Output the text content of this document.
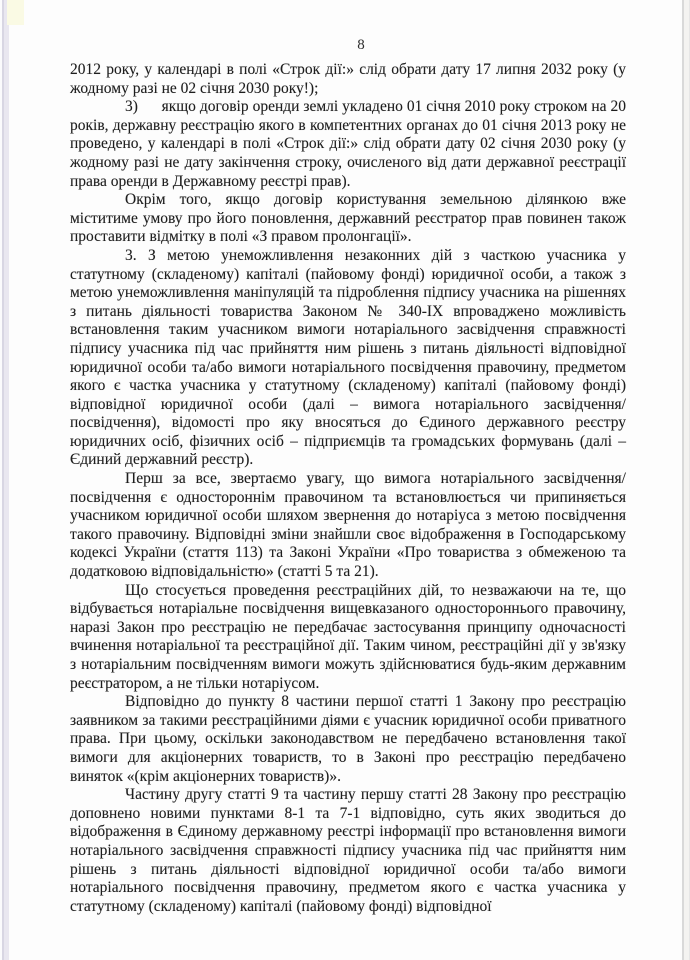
8

2012 року, у календарі в полі «Строк дії:» слід обрати дату 17 липня 2032 року (у жодному разі не 02 січня 2030 року!);

3)      якщо договір оренди землі укладено 01 січня 2010 року строком на 20 років, державну реєстрацію якого в компетентних органах до 01 січня 2013 року не проведено, у календарі в полі «Строк дії:» слід обрати дату 02 січня 2030 року (у жодному разі не дату закінчення строку, очисленого від дати державної реєстрації права оренди в Державному реєстрі прав).

Окрім того, якщо договір користування земельною ділянкою вже міститиме умову про його поновлення, державний реєстратор прав повинен також проставити відмітку в полі «З правом пролонгації».

3. З метою унеможливлення незаконних дій з часткою учасника у статутному (складеному) капіталі (пайовому фонді) юридичної особи, а також з метою унеможливлення маніпуляцій та підроблення підпису учасника на рішеннях з питань діяльності товариства Законом № 340-ІХ впроваджено можливість встановлення таким учасником вимоги нотаріального засвідчення справжності підпису учасника під час прийняття ним рішень з питань діяльності відповідної юридичної особи та/або вимоги нотаріального посвідчення правочину, предметом якого є частка учасника у статутному (складеному) капіталі (пайовому фонді) відповідної юридичної особи (далі – вимога нотаріального засвідчення/посвідчення), відомості про яку вносяться до Єдиного державного реєстру юридичних осіб, фізичних осіб – підприємців та громадських формувань (далі – Єдиний державний реєстр).

Перш за все, звертаємо увагу, що вимога нотаріального засвідчення/посвідчення є одностороннім правочином та встановлюється чи припиняється учасником юридичної особи шляхом звернення до нотаріуса з метою посвідчення такого правочину. Відповідні зміни знайшли своє відображення в Господарському кодексі України (стаття 113) та Законі України «Про товариства з обмеженою та додатковою відповідальністю» (статті 5 та 21).

Що стосується проведення реєстраційних дій, то незважаючи на те, що відбувається нотаріальне посвідчення вищевказаного одностороннього правочину, наразі Закон про реєстрацію не передбачає застосування принципу одночасності вчинення нотаріальної та реєстраційної дії. Таким чином, реєстраційні дії у зв'язку з нотаріальним посвідченням вимоги можуть здійснюватися будь-яким державним реєстратором, а не тільки нотаріусом.

Відповідно до пункту 8 частини першої статті 1 Закону про реєстрацію заявником за такими реєстраційними діями є учасник юридичної особи приватного права. При цьому, оскільки законодавством не передбачено встановлення такої вимоги для акціонерних товариств, то в Законі про реєстрацію передбачено виняток «(крім акціонерних товариств)».

Частину другу статті 9 та частину першу статті 28 Закону про реєстрацію доповнено новими пунктами 8-1 та 7-1 відповідно, суть яких зводиться до відображення в Єдиному державному реєстрі інформації про встановлення вимоги нотаріального засвідчення справжності підпису учасника під час прийняття ним рішень з питань діяльності відповідної юридичної особи та/або вимоги нотаріального посвідчення правочину, предметом якого є частка учасника у статутному (складеному) капіталі (пайовому фонді) відповідної
